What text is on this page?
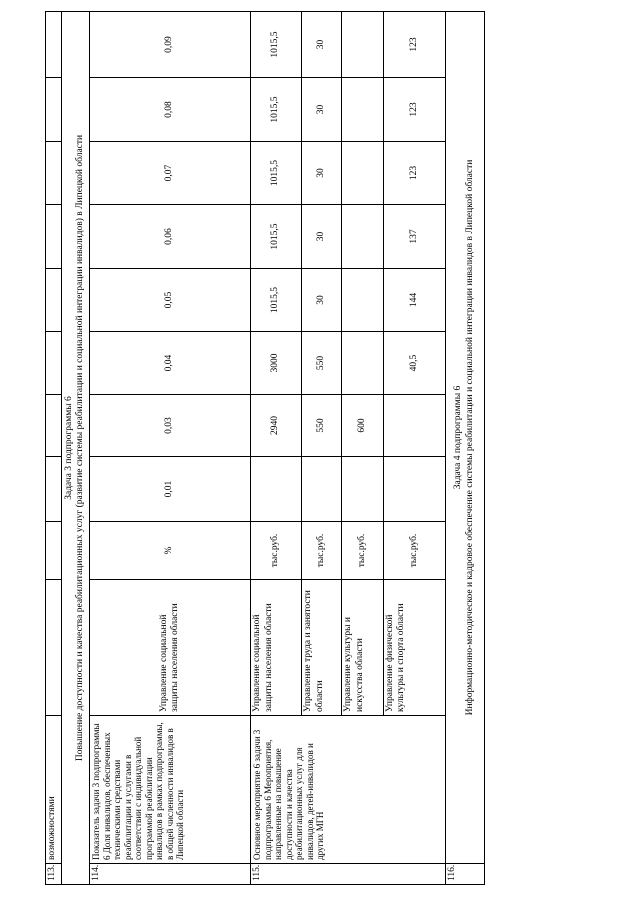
113.	возможностями										

Задача 3 подпрограммы 6 Повышение доступности и качества реабилитационных услуг (развитие системы реабилитации и социальной интеграции инвалидов) в Липецкой области											

114.	Показатель задачи 3 подпрограммы 6 Доля инвалидов, обеспеченных техническими средствами реабилитации и услугами в соответствии с индивидуальной программой реабилитации инвалидов в рамках подпрограммы, в общей численности инвалидов в Липецкой области	Управление социальной защиты населения области	%	0,01	0,03	0,04	0,05	0,06	0,07	0,08	0,09
115.	Основное мероприятие 6 задачи 3 подпрограммы 6 Мероприятия, направленные на повышение доступности и качества реабилитационных услуг для инвалидов, детей-инвалидов и других МГН	Управление социальной защиты населения области	тыс.руб.		2940	3000	1015,5	1015,5	1015,5	1015,5	1015,5
		Управление труда и занятости области	тыс.руб.		550	550	30	30	30	30	30
		Управление культуры и искусства области	тыс.руб.		600						
		Управление физической культуры и спорта области	тыс.руб.			40,5	144	137	123	123	123
116.	Задача 4 подпрограммы 6 Информационно-методическое и кадровое обеспечение системы реабилитации и социальной интеграции инвалидов в Липецкой области										
